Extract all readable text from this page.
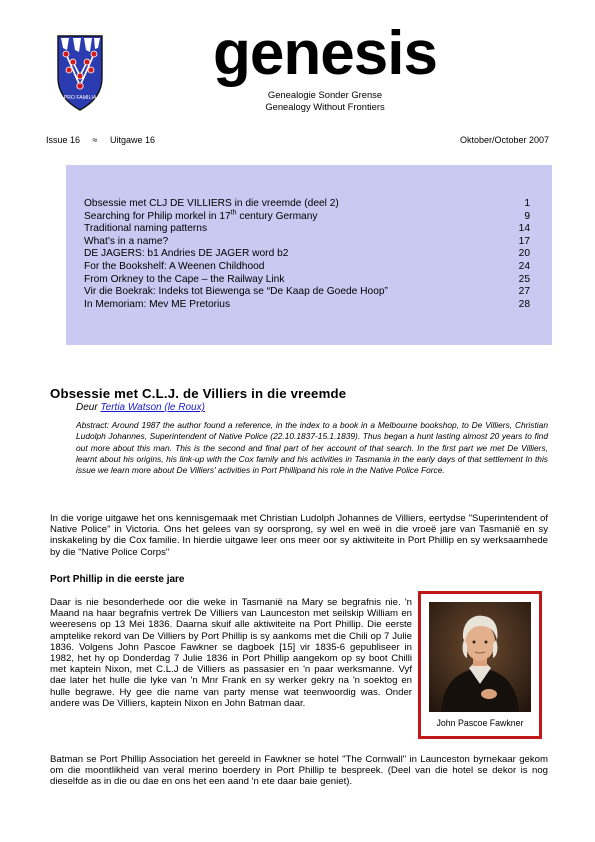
PRO FAMILIA
genesis
Genealogie Sonder Grense
Genealogy Without Frontiers
Issue 16 ≈ Uitgawe 16	Oktober/October 2007
Obsessie met CLJ DE VILLIERS in die vreemde (deel 2)	1
Searching for Philip morkel in 17th century Germany	9
Traditional naming patterns	14
What’s in a name?	17
DE JAGERS: b1 Andries DE JAGER word b2	20
For the Bookshelf: A Weenen Childhood	24
From Orkney to the Cape – the Railway Link	25
Vir die Boekrak: Indeks tot Biewenga se “De Kaap de Goede Hoop”	27
In Memoriam: Mev ME Pretorius	28
Obsessie met C.L.J. de Villiers in die vreemde
Deur Tertia Watson (le Roux)
Abstract: Around 1987 the author found a reference, in the index to a book in a Melbourne bookshop, to De Villiers, Christian Ludolph Johannes, Superintendent of Native Police (22.10.1837-15.1.1839). Thus began a hunt lasting almost 20 years to find out more about this man. This is the second and final part of her account of that search. In the first part we met De Villiers, learnt about his origins, his link-up with the Cox family and his activities in Tasmania in the early days of that settlement In this issue we learn more about De Villiers' activities in Port Phillipand his role in the Native Police Force.
In die vorige uitgawe het ons kennisgemaak met Christian Ludolph Johannes de Villiers, eertydse "Superintendent of Native Police" in Victoria. Ons het gelees van sy oorsprong, sy wel en weë in die vroeë jare van Tasmanië en sy inskakeling by die Cox familie. In hierdie uitgawe leer ons meer oor sy aktiwiteite in Port Phillip en sy werksaamhede by die "Native Police Corps"
Port Phillip in die eerste jare
Daar is nie besonderhede oor die weke in Tasmanië na Mary se begrafnis nie. 'n Maand na haar begrafnis vertrek De Villiers van Launceston met seilskip William en weeresens op 13 Mei 1836. Daarna skuif alle aktiwiteite na Port Phillip. Die eerste amptelike rekord van De Villiers by Port Phillip is sy aankoms met die Chili op 7 Julie 1836. Volgens John Pascoe Fawkner se dagboek [15] vir 1835-6 gepubliseer in 1982, het hy op Donderdag 7 Julie 1836 in Port Phillip aangekom op sy boot Chilli met kaptein Nixon, met C.L.J de Villiers as passasier en 'n paar werksmanne. Vyf dae later het hulle die lyke van 'n Mnr Frank en sy werker gekry na 'n soektog en hulle begrawe. Hy gee die name van party mense wat teenwoordig was. Onder andere was De Villiers, kaptein Nixon en John Batman daar.
John Pascoe Fawkner
Batman se Port Phillip Association het gereeld in Fawkner se hotel "The Cornwall" in Launceston byrnekaar gekom om die moontlikheid van veral merino boerdery in Port Phillip te bespreek. (Deel van die hotel se dekor is nog dieselfde as in die ou dae en ons het een aand 'n ete daar baie geniet).
